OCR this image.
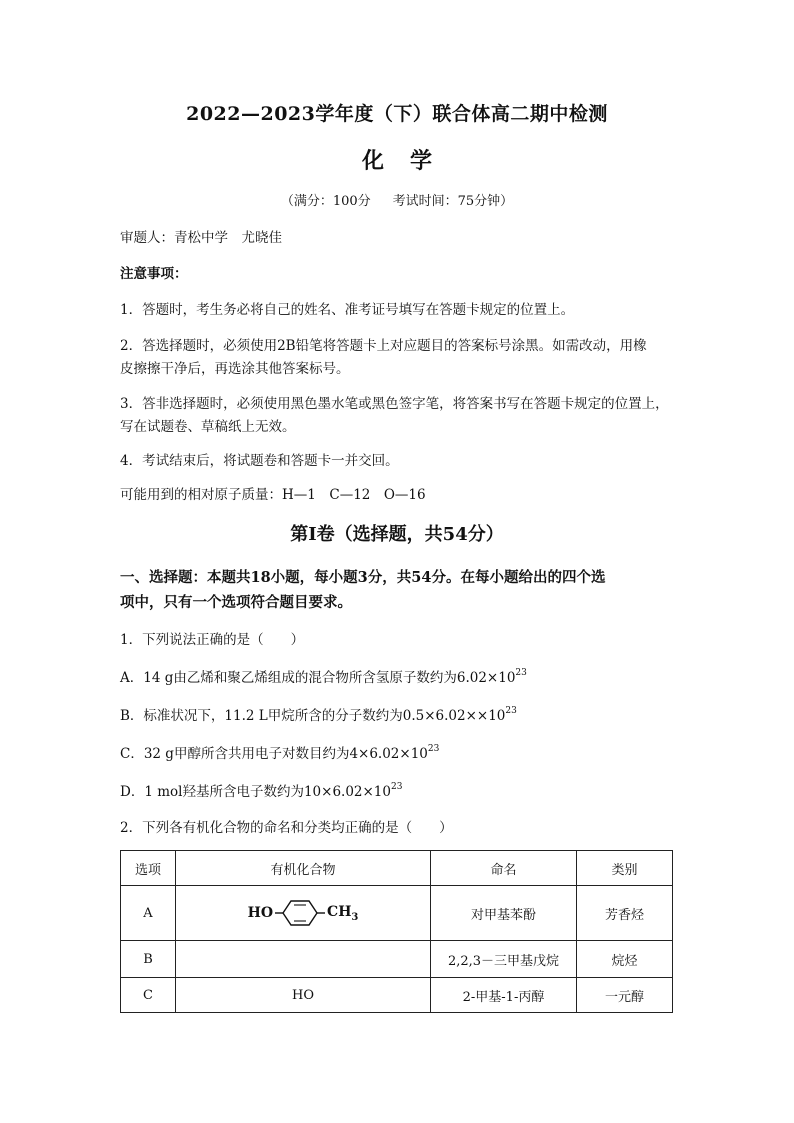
2022—2023学年度（下）联合体高二期中检测
化 学
（满分：100分 考试时间：75分钟）
审题人：青松中学　尤晓佳
注意事项：
1．答题时，考生务必将自己的姓名、准考证号填写在答题卡规定的位置上。
2．答选择题时，必须使用2B铅笔将答题卡上对应题目的答案标号涂黑。如需改动，用橡
皮擦擦干净后，再选涂其他答案标号。
3．答非选择题时，必须使用黑色墨水笔或黑色签字笔，将答案书写在答题卡规定的位置上，
写在试题卷、草稿纸上无效。
4．考试结束后，将试题卷和答题卡一并交回。
可能用到的相对原子质量：H—1　C—12　O—16
第Ⅰ卷（选择题，共54分）
一、选择题：本题共18小题，每小题3分，共54分。在每小题给出的四个选
项中，只有一个选项符合题目要求。
1．下列说法正确的是（　　）
A．14 g由乙烯和聚乙烯组成的混合物所含氢原子数约为$6.02\times 10^{23}$
B．标准状况下，11.2 L甲烷所含的分子数约为$0.5\times 6.02\times\times 10^{23}$
C．32 g甲醇所含共用电子对数目约为$4\times 6.02\times 10^{23}$
D．1 mol羟基所含电子数约为$10\times 6.02\times 10^{23}$
2．下列各有机化合物的命名和分类均正确的是（　　）
选项	有机化合物	命名	类别
A	HO $CH_3$	对甲基苯酚	芳香烃
B		2,2,3－三甲基戊烷	烷烃
C	HO	2-甲基-1-丙醇	一元醇
